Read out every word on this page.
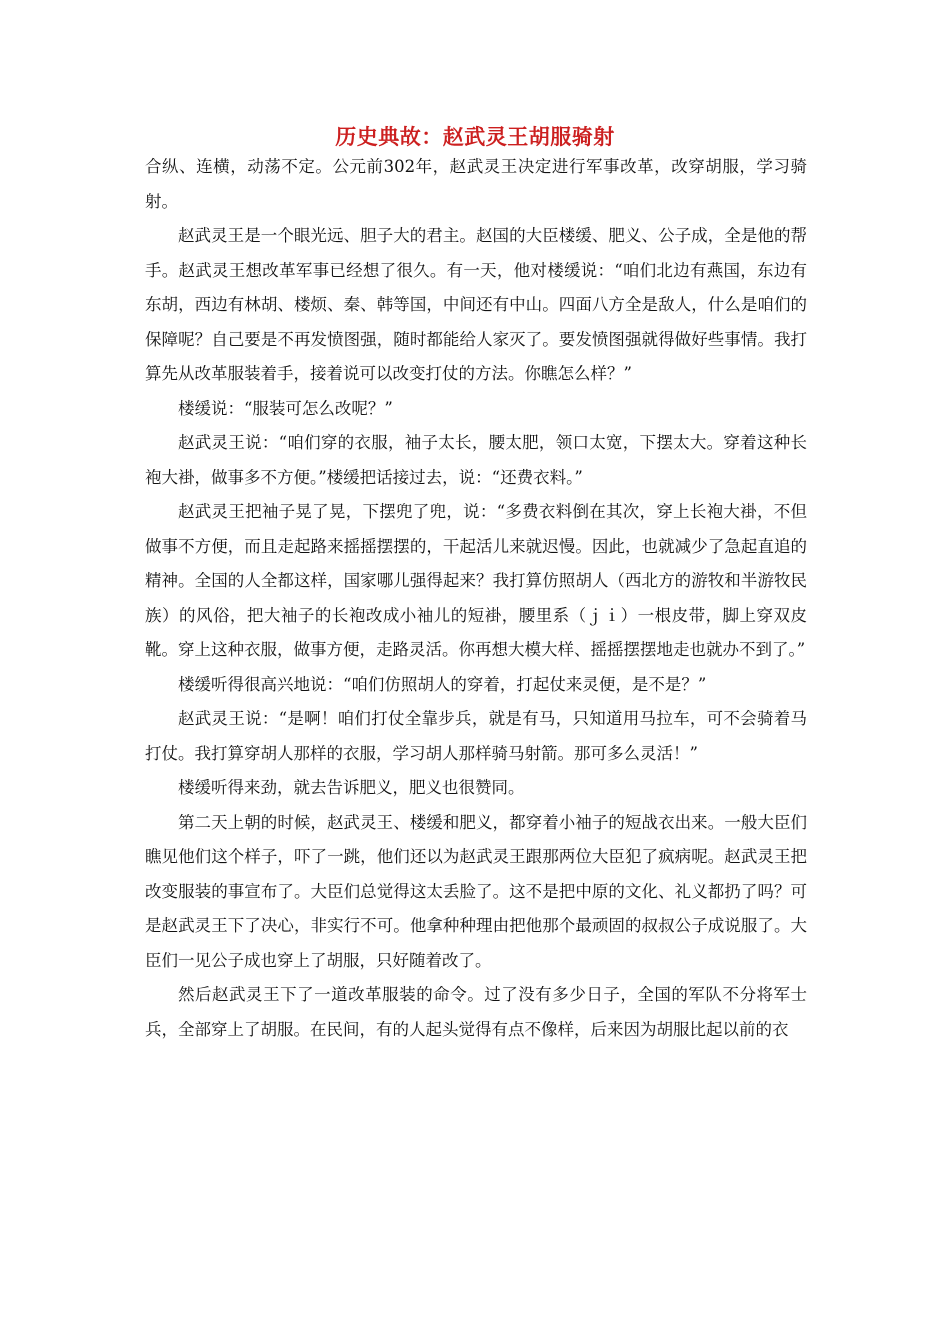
历史典故：赵武灵王胡服骑射

合纵、连横，动荡不定。公元前302年，赵武灵王决定进行军事改革，改穿胡服，学习骑射。

赵武灵王是一个眼光远、胆子大的君主。赵国的大臣楼缓、肥义、公子成，全是他的帮手。赵武灵王想改革军事已经想了很久。有一天，他对楼缓说：“咱们北边有燕国，东边有东胡，西边有林胡、楼烦、秦、韩等国，中间还有中山。四面八方全是敌人，什么是咱们的保障呢？自己要是不再发愤图强，随时都能给人家灭了。要发愤图强就得做好些事情。我打算先从改革服装着手，接着说可以改变打仗的方法。你瞧怎么样？”

楼缓说：“服装可怎么改呢？”

赵武灵王说：“咱们穿的衣服，袖子太长，腰太肥，领口太宽，下摆太大。穿着这种长袍大褂，做事多不方便。”楼缓把话接过去，说：“还费衣料。”

赵武灵王把袖子晃了晃，下摆兜了兜，说：“多费衣料倒在其次，穿上长袍大褂，不但做事不方便，而且走起路来摇摇摆摆的，干起活儿来就迟慢。因此，也就减少了急起直追的精神。全国的人全都这样，国家哪儿强得起来？我打算仿照胡人（西北方的游牧和半游牧民族）的风俗，把大袖子的长袍改成小袖儿的短褂，腰里系（ｊｉ）一根皮带，脚上穿双皮靴。穿上这种衣服，做事方便，走路灵活。你再想大模大样、摇摇摆摆地走也就办不到了。”

楼缓听得很高兴地说：“咱们仿照胡人的穿着，打起仗来灵便，是不是？”

赵武灵王说：“是啊！咱们打仗全靠步兵，就是有马，只知道用马拉车，可不会骑着马打仗。我打算穿胡人那样的衣服，学习胡人那样骑马射箭。那可多么灵活！”

楼缓听得来劲，就去告诉肥义，肥义也很赞同。

第二天上朝的时候，赵武灵王、楼缓和肥义，都穿着小袖子的短战衣出来。一般大臣们瞧见他们这个样子，吓了一跳，他们还以为赵武灵王跟那两位大臣犯了疯病呢。赵武灵王把改变服装的事宣布了。大臣们总觉得这太丢脸了。这不是把中原的文化、礼义都扔了吗？可是赵武灵王下了决心，非实行不可。他拿种种理由把他那个最顽固的叔叔公子成说服了。大臣们一见公子成也穿上了胡服，只好随着改了。

然后赵武灵王下了一道改革服装的命令。过了没有多少日子，全国的军队不分将军士兵，全部穿上了胡服。在民间，有的人起头觉得有点不像样，后来因为胡服比起以前的衣
